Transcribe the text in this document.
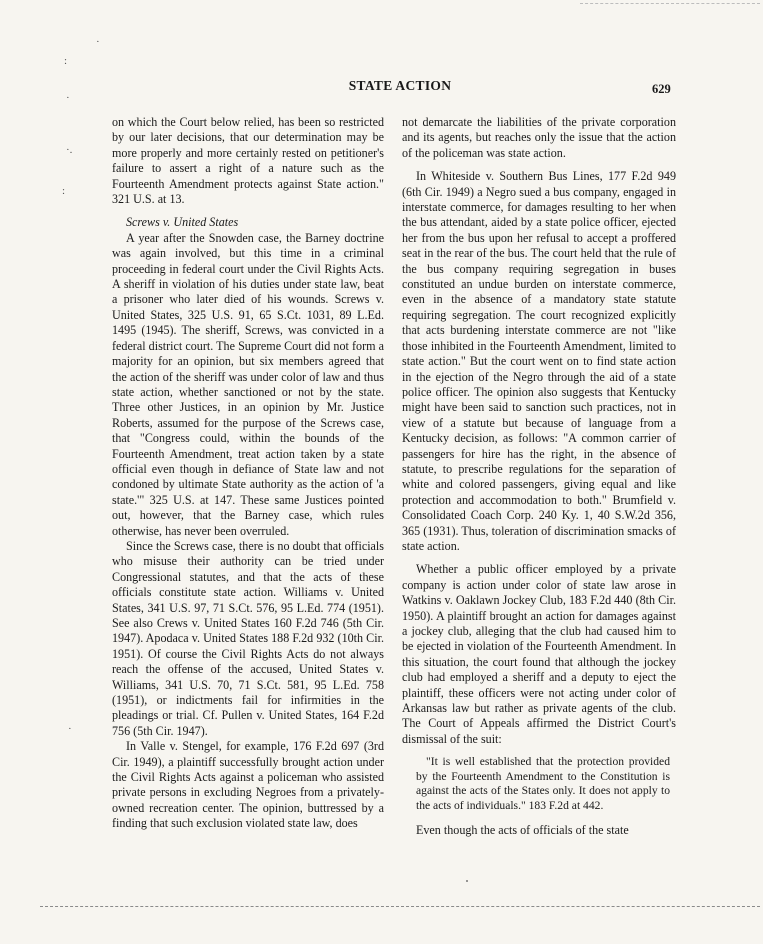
·
:
·
·.
:
·
STATE ACTION	629

on which the Court below relied, has been so restricted by our later decisions, that our determination may be more properly and more certainly rested on petitioner's failure to assert a right of a nature such as the Fourteenth Amendment protects against State action." 321 U.S. at 13.

Screws v. United States

A year after the Snowden case, the Barney doctrine was again involved, but this time in a criminal proceeding in federal court under the Civil Rights Acts. A sheriff in violation of his duties under state law, beat a prisoner who later died of his wounds. Screws v. United States, 325 U.S. 91, 65 S.Ct. 1031, 89 L.Ed. 1495 (1945). The sheriff, Screws, was convicted in a federal district court. The Supreme Court did not form a majority for an opinion, but six members agreed that the action of the sheriff was under color of law and thus state action, whether sanctioned or not by the state. Three other Justices, in an opinion by Mr. Justice Roberts, assumed for the purpose of the Screws case, that "Congress could, within the bounds of the Fourteenth Amendment, treat action taken by a state official even though in defiance of State law and not condoned by ultimate State authority as the action of 'a state.'" 325 U.S. at 147. These same Justices pointed out, however, that the Barney case, which rules otherwise, has never been overruled.

Since the Screws case, there is no doubt that officials who misuse their authority can be tried under Congressional statutes, and that the acts of these officials constitute state action. Williams v. United States, 341 U.S. 97, 71 S.Ct. 576, 95 L.Ed. 774 (1951). See also Crews v. United States 160 F.2d 746 (5th Cir. 1947). Apodaca v. United States 188 F.2d 932 (10th Cir. 1951). Of course the Civil Rights Acts do not always reach the offense of the accused, United States v. Williams, 341 U.S. 70, 71 S.Ct. 581, 95 L.Ed. 758 (1951), or indictments fail for infirmities in the pleadings or trial. Cf. Pullen v. United States, 164 F.2d 756 (5th Cir. 1947).

In Valle v. Stengel, for example, 176 F.2d 697 (3rd Cir. 1949), a plaintiff successfully brought action under the Civil Rights Acts against a policeman who assisted private persons in excluding Negroes from a privately-owned recreation center. The opinion, buttressed by a finding that such exclusion violated state law, does

not demarcate the liabilities of the private corporation and its agents, but reaches only the issue that the action of the policeman was state action.

In Whiteside v. Southern Bus Lines, 177 F.2d 949 (6th Cir. 1949) a Negro sued a bus company, engaged in interstate commerce, for damages resulting to her when the bus attendant, aided by a state police officer, ejected her from the bus upon her refusal to accept a proffered seat in the rear of the bus. The court held that the rule of the bus company requiring segregation in buses constituted an undue burden on interstate commerce, even in the absence of a mandatory state statute requiring segregation. The court recognized explicitly that acts burdening interstate commerce are not "like those inhibited in the Fourteenth Amendment, limited to state action." But the court went on to find state action in the ejection of the Negro through the aid of a state police officer. The opinion also suggests that Kentucky might have been said to sanction such practices, not in view of a statute but because of language from a Kentucky decision, as follows: "A common carrier of passengers for hire has the right, in the absence of statute, to prescribe regulations for the separation of white and colored passengers, giving equal and like protection and accommodation to both." Brumfield v. Consolidated Coach Corp. 240 Ky. 1, 40 S.W.2d 356, 365 (1931). Thus, toleration of discrimination smacks of state action.

Whether a public officer employed by a private company is action under color of state law arose in Watkins v. Oaklawn Jockey Club, 183 F.2d 440 (8th Cir. 1950). A plaintiff brought an action for damages against a jockey club, alleging that the club had caused him to be ejected in violation of the Fourteenth Amendment. In this situation, the court found that although the jockey club had employed a sheriff and a deputy to eject the plaintiff, these officers were not acting under color of Arkansas law but rather as private agents of the club. The Court of Appeals affirmed the District Court's dismissal of the suit:

"It is well established that the protection provided by the Fourteenth Amendment to the Constitution is against the acts of the States only. It does not apply to the acts of individuals." 183 F.2d at 442.

Even though the acts of officials of the state
